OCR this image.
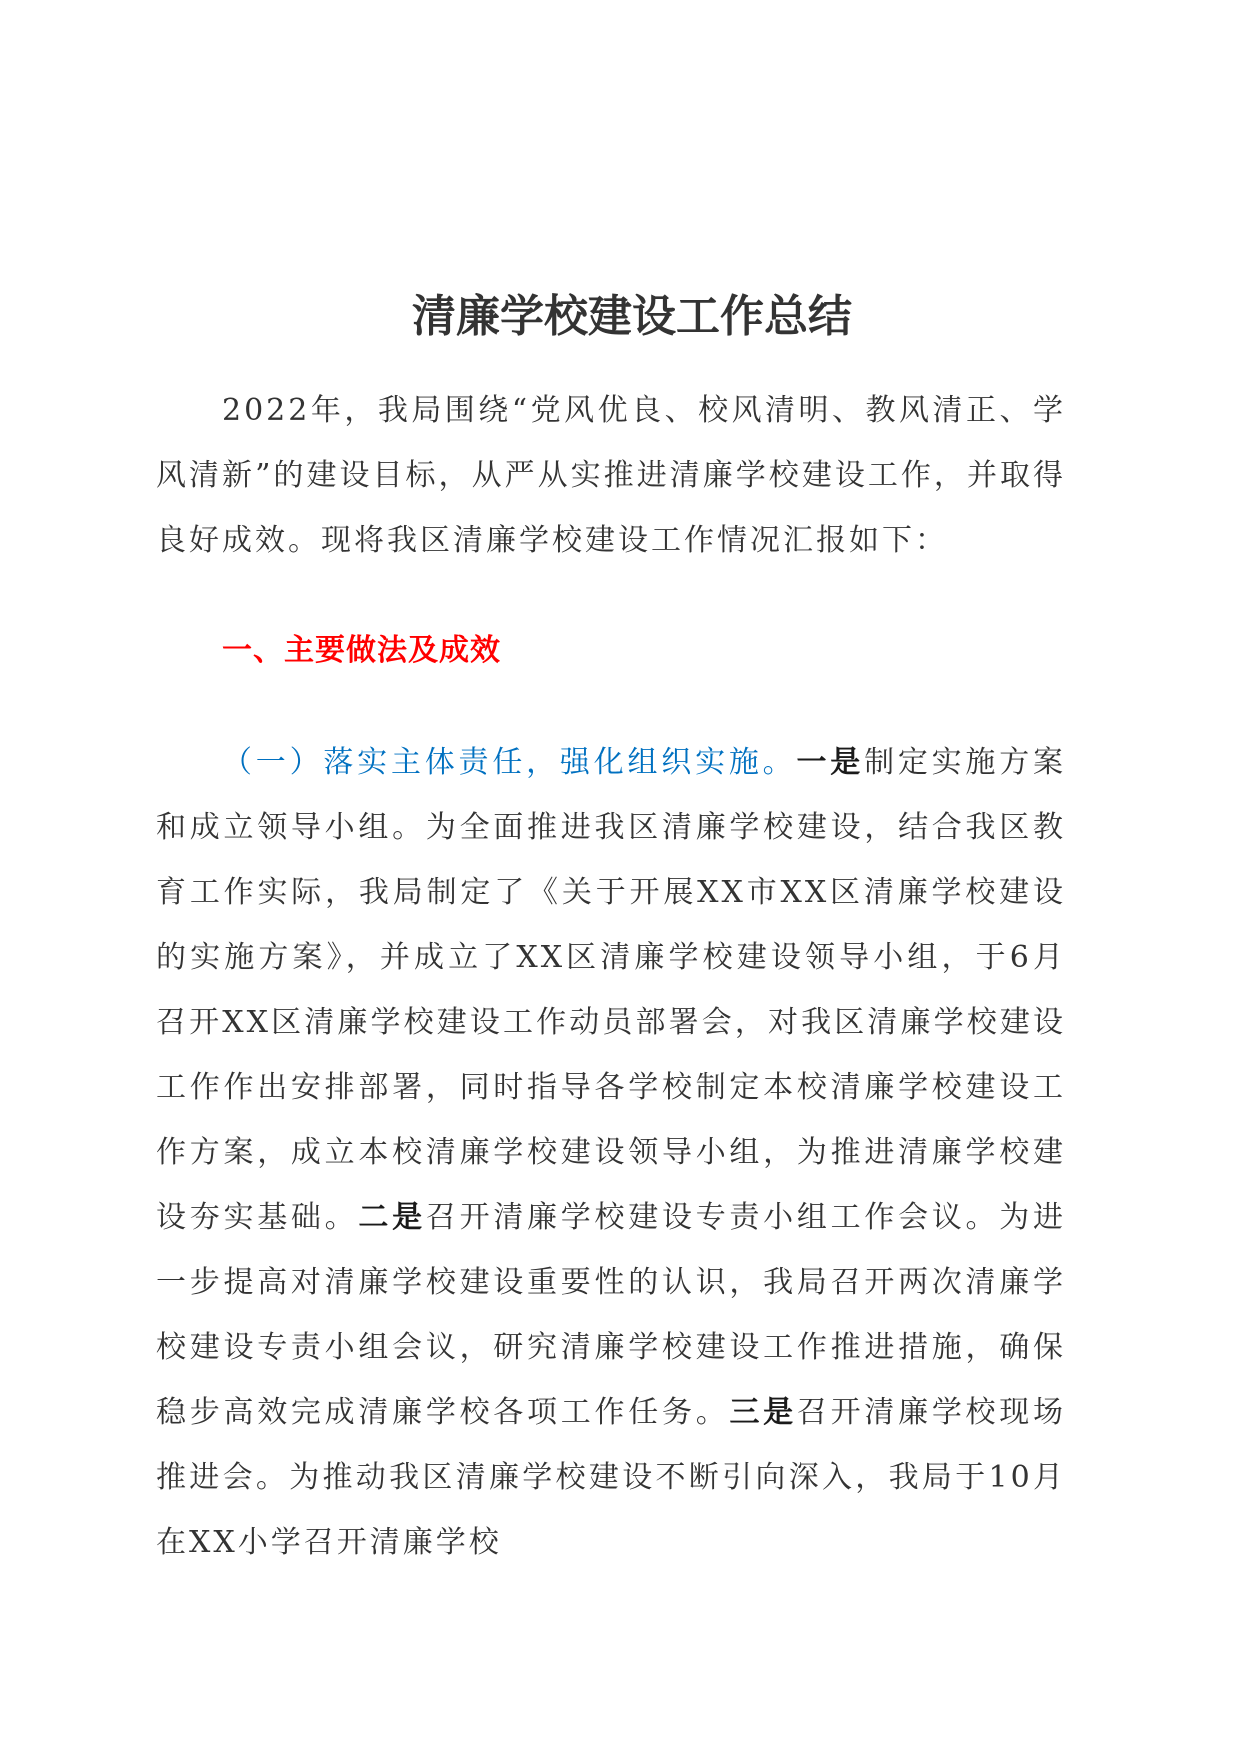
清廉学校建设工作总结

2022年，我局围绕“党风优良、校风清明、教风清正、学风清新”的建设目标，从严从实推进清廉学校建设工作，并取得良好成效。现将我区清廉学校建设工作情况汇报如下：

一、主要做法及成效

（一）落实主体责任，强化组织实施。一是制定实施方案和成立领导小组。为全面推进我区清廉学校建设，结合我区教育工作实际，我局制定了《关于开展XX市XX区清廉学校建设的实施方案》，并成立了XX区清廉学校建设领导小组，于6月召开XX区清廉学校建设工作动员部署会，对我区清廉学校建设工作作出安排部署，同时指导各学校制定本校清廉学校建设工作方案，成立本校清廉学校建设领导小组，为推进清廉学校建设夯实基础。二是召开清廉学校建设专责小组工作会议。为进一步提高对清廉学校建设重要性的认识，我局召开两次清廉学校建设专责小组会议，研究清廉学校建设工作推进措施，确保稳步高效完成清廉学校各项工作任务。三是召开清廉学校现场推进会。为推动我区清廉学校建设不断引向深入，我局于10月在XX小学召开清廉学校
